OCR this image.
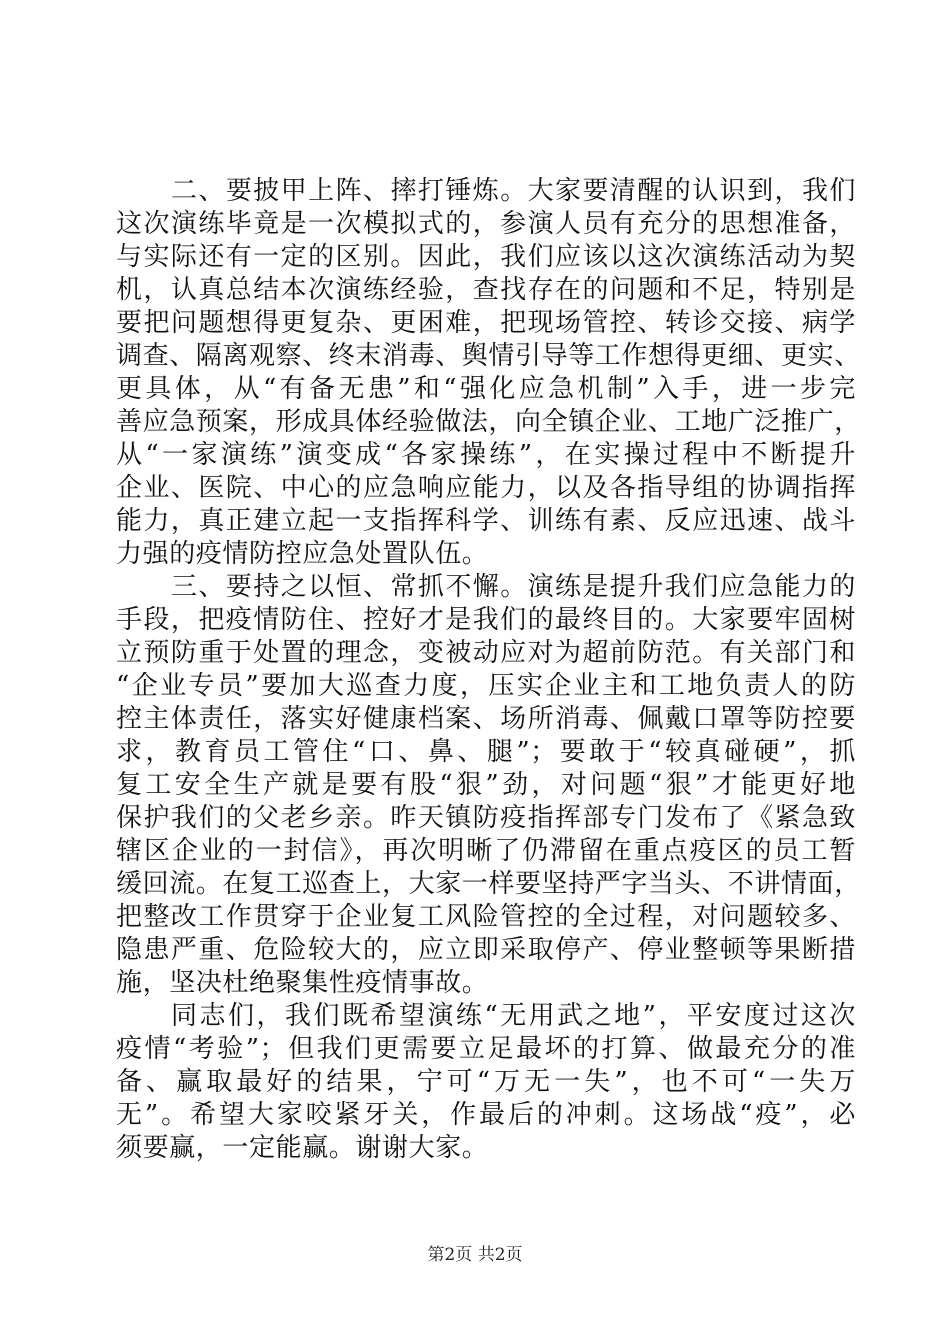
二、要披甲上阵、摔打锤炼。大家要清醒的认识到，我们
这次演练毕竟是一次模拟式的，参演人员有充分的思想准备，
与实际还有一定的区别。因此，我们应该以这次演练活动为契
机，认真总结本次演练经验，查找存在的问题和不足，特别是
要把问题想得更复杂、更困难，把现场管控、转诊交接、病学
调查、隔离观察、终末消毒、舆情引导等工作想得更细、更实、
更具体，从“有备无患”和“强化应急机制”入手，进一步完
善应急预案，形成具体经验做法，向全镇企业、工地广泛推广，
从“一家演练”演变成“各家操练”，在实操过程中不断提升
企业、医院、中心的应急响应能力，以及各指导组的协调指挥
能力，真正建立起一支指挥科学、训练有素、反应迅速、战斗
力强的疫情防控应急处置队伍。
三、要持之以恒、常抓不懈。演练是提升我们应急能力的
手段，把疫情防住、控好才是我们的最终目的。大家要牢固树
立预防重于处置的理念，变被动应对为超前防范。有关部门和
“企业专员”要加大巡查力度，压实企业主和工地负责人的防
控主体责任，落实好健康档案、场所消毒、佩戴口罩等防控要
求，教育员工管住“口、鼻、腿”；要敢于“较真碰硬”，抓
复工安全生产就是要有股“狠”劲，对问题“狠”才能更好地
保护我们的父老乡亲。昨天镇防疫指挥部专门发布了《紧急致
辖区企业的一封信》，再次明晰了仍滞留在重点疫区的员工暂
缓回流。在复工巡查上，大家一样要坚持严字当头、不讲情面，
把整改工作贯穿于企业复工风险管控的全过程，对问题较多、
隐患严重、危险较大的，应立即采取停产、停业整顿等果断措
施，坚决杜绝聚集性疫情事故。
同志们，我们既希望演练“无用武之地”，平安度过这次
疫情“考验”；但我们更需要立足最坏的打算、做最充分的准
备、赢取最好的结果，宁可“万无一失”，也不可“一失万
无”。希望大家咬紧牙关，作最后的冲刺。这场战“疫”，必
须要赢，一定能赢。谢谢大家。
第2页 共2页
